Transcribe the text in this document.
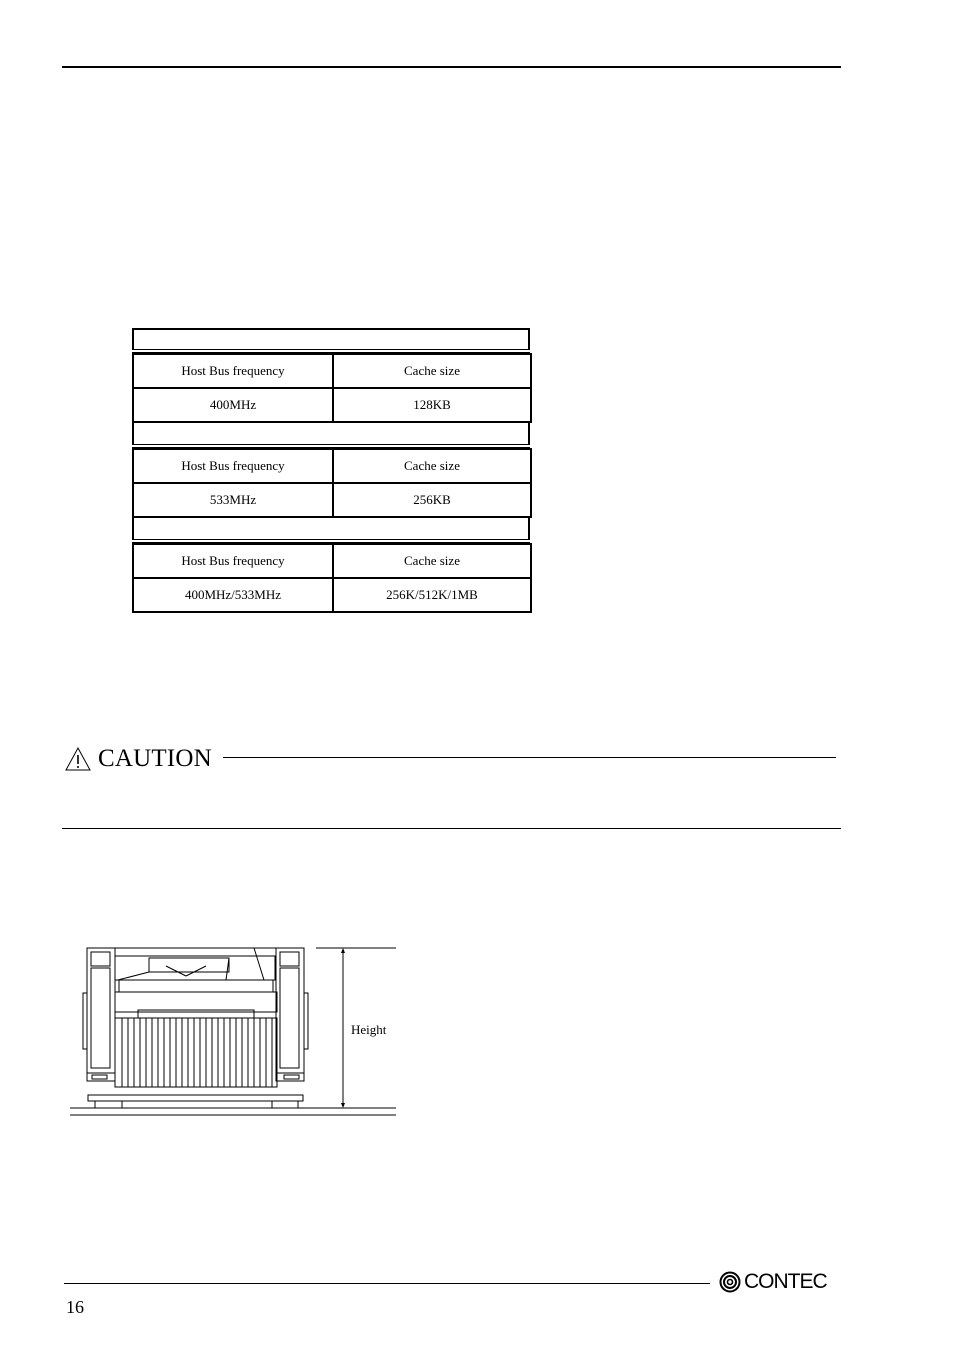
Host Bus frequency	Cache size
400MHz	128KB
Host Bus frequency	Cache size
533MHz	256KB
Host Bus frequency	Cache size
400MHz/533MHz	256K/512K/1MB
CAUTION
Height
16
CONTEC
